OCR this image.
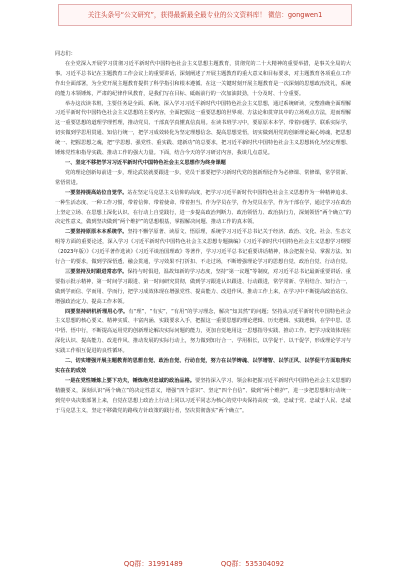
关注头条号“公文研究”，获得最新最全最专业的公文资料库！ 微信：gongwen1

同志们：

在全党深入开展学习贯彻习近平新时代中国特色社会主义思想主题教育，贯彻党的二十大精神的重要举措，是事关全局的大事。习近平总书记在主题教育工作会议上的重要讲话，深刻阐述了开展主题教育的重大意义和目标要求，对主题教育各项重点工作作出全面部署，为全党开展主题教育提供了科学指引和根本遵循。在这一关键时刻开展主题教育是一次深刻的思想政治洗礼，系统的能力本领锤炼，严肃的纪律作风教育，是我们写在目标、砥砺前行的一次加油鼓劲，十分及时、十分重要。

举办这次读书班，主要任务是全面、系统、深入学习习近平新时代中国特色社会主义思想，通过系统研读，完整准确全面理解习近平新时代中国特色社会主义思想的主要内容，全面把握这一重要思想的世界观、方法论和贯穿其中的立场观点方法，进而理解这一重要思想的道理学理哲理，推动党员、干部真学真懂真信真用。在读书班学习中，要原原本本学、带着问题学、联系实际学，切实做到学思用贯通、知信行统一，把学习成效转化为坚定理想信念、提高思想觉悟，切实做到用党的创新理论凝心铸魂，把思想统一、把握思想之魂，把“学思想、强党性、重实践、建新功”的总要求，把习近平新时代中国特色社会主义思想转化为坚定理想、锤炼党性和指导实践、推动工作的强大力量。下面，结合今天的学习研讨内容，我谈几点意见。

一、坚定不移把学习习近平新时代中国特色社会主义思想作为终身课题

党的理论创新每前进一步，理论武装就要跟进一步。党员干部要把学习新时代党的创新理论作为必修课、常修课，常学常新、常悟常进。

一要坚持提高站位自觉学。站在坚定马克思主义信仰的高度，把学习习近平新时代中国特色社会主义思想作为一种精神追求、一种生活态度、一种工作习惯，带着信仰、带着使命、带着担当。作为学员在学，作为党员在学，作为干部在学，通过学习在政治上坚定立场、在思想上深化认识、在行动上自觉践行，进一步提高政治判断力、政治领悟力、政治执行力，深刻领悟“两个确立”的决定性意义，做到坚决做到“两个维护”的思想根基，掌握解决问题、推动工作的真本领。

二要坚持原原本本系统学。坚持不懈学原著、读原文、悟原理，系统学习习近平总书记关于经济、政治、文化、社会、生态文明等方面的重要论述，深入学习《习近平新时代中国特色社会主义思想专题摘编》《习近平新时代中国特色社会主义思想学习纲要（2023年版）》《习近平著作选读》《习近平谈治国理政》等著作，学习习近平总书记重要讲话精神，体会把握全局、掌握方法、知行合一的要求，做到学深悟透、融会贯通，学习效果不打折扣、不走过场，不断增强理论学习的思想自觉、政治自觉、行动自觉。

三要坚持及时跟进常态学。保持与时俱进，温故知新的学习态度，坚持“第一议题”等制度，对习近平总书记最新重要讲话、重要指示批示精神，第一时间学习跟进、第一时间研究贯彻，做到学习跟进认识跟进、行动跟进，常学常新、学用结合、知行合一，做到学而信、学而用、学而行，把学习成效体现在增强党性、提高能力、改进作风、推动工作上来，在学习中不断提高政治站位、增强政治定力、提高工作本领。

四要坚持研机析理用心学。有“理”，“有实”，“有用”的学习理念，解决“知其然”的问题；坚持从习近平新时代中国特色社会主义思想的核心要义、精神实质、丰富内涵、实践要求入手，把握这一重要思想的理论逻辑、历史逻辑、实践逻辑，在学中思、思中悟、悟中行，不断提高运用党的创新理论解决实际问题的能力，更加自觉地用这一思想指导实践、推动工作。把学习成效体现在深化认识、提高能力、改进作风、推动发展的实际行动上，努力做到知行合一、学用相长，以学促干、以干促学，形成理论学习与实践工作相互促进的良性循环。

二、切实增强开展主题教育的思想自觉、政治自觉、行动自觉，努力在以学铸魂、以学增智、以学正风、以学促干方面取得实实在在的成效

一是在党性锤炼上要下功夫，锤炼绝对忠诚的政治品格。要坚持深入学习、领会和把握习近平新时代中国特色社会主义思想的精髓要义，深刻认识“两个确立”的决定性意义，增强“四个意识”、坚定“四个自信”、做到“两个维护”，进一步把思想和行动统一到党中央决策部署上来，自觉在思想上政治上行动上同以习近平同志为核心的党中央保持高度一致，忠诚于党、忠诚于人民、忠诚于马克思主义，坚定不移做党的路线方针政策的践行者，坚决贯彻落实“两个确立”。

QQ群：31991489	QQ群：535304092
